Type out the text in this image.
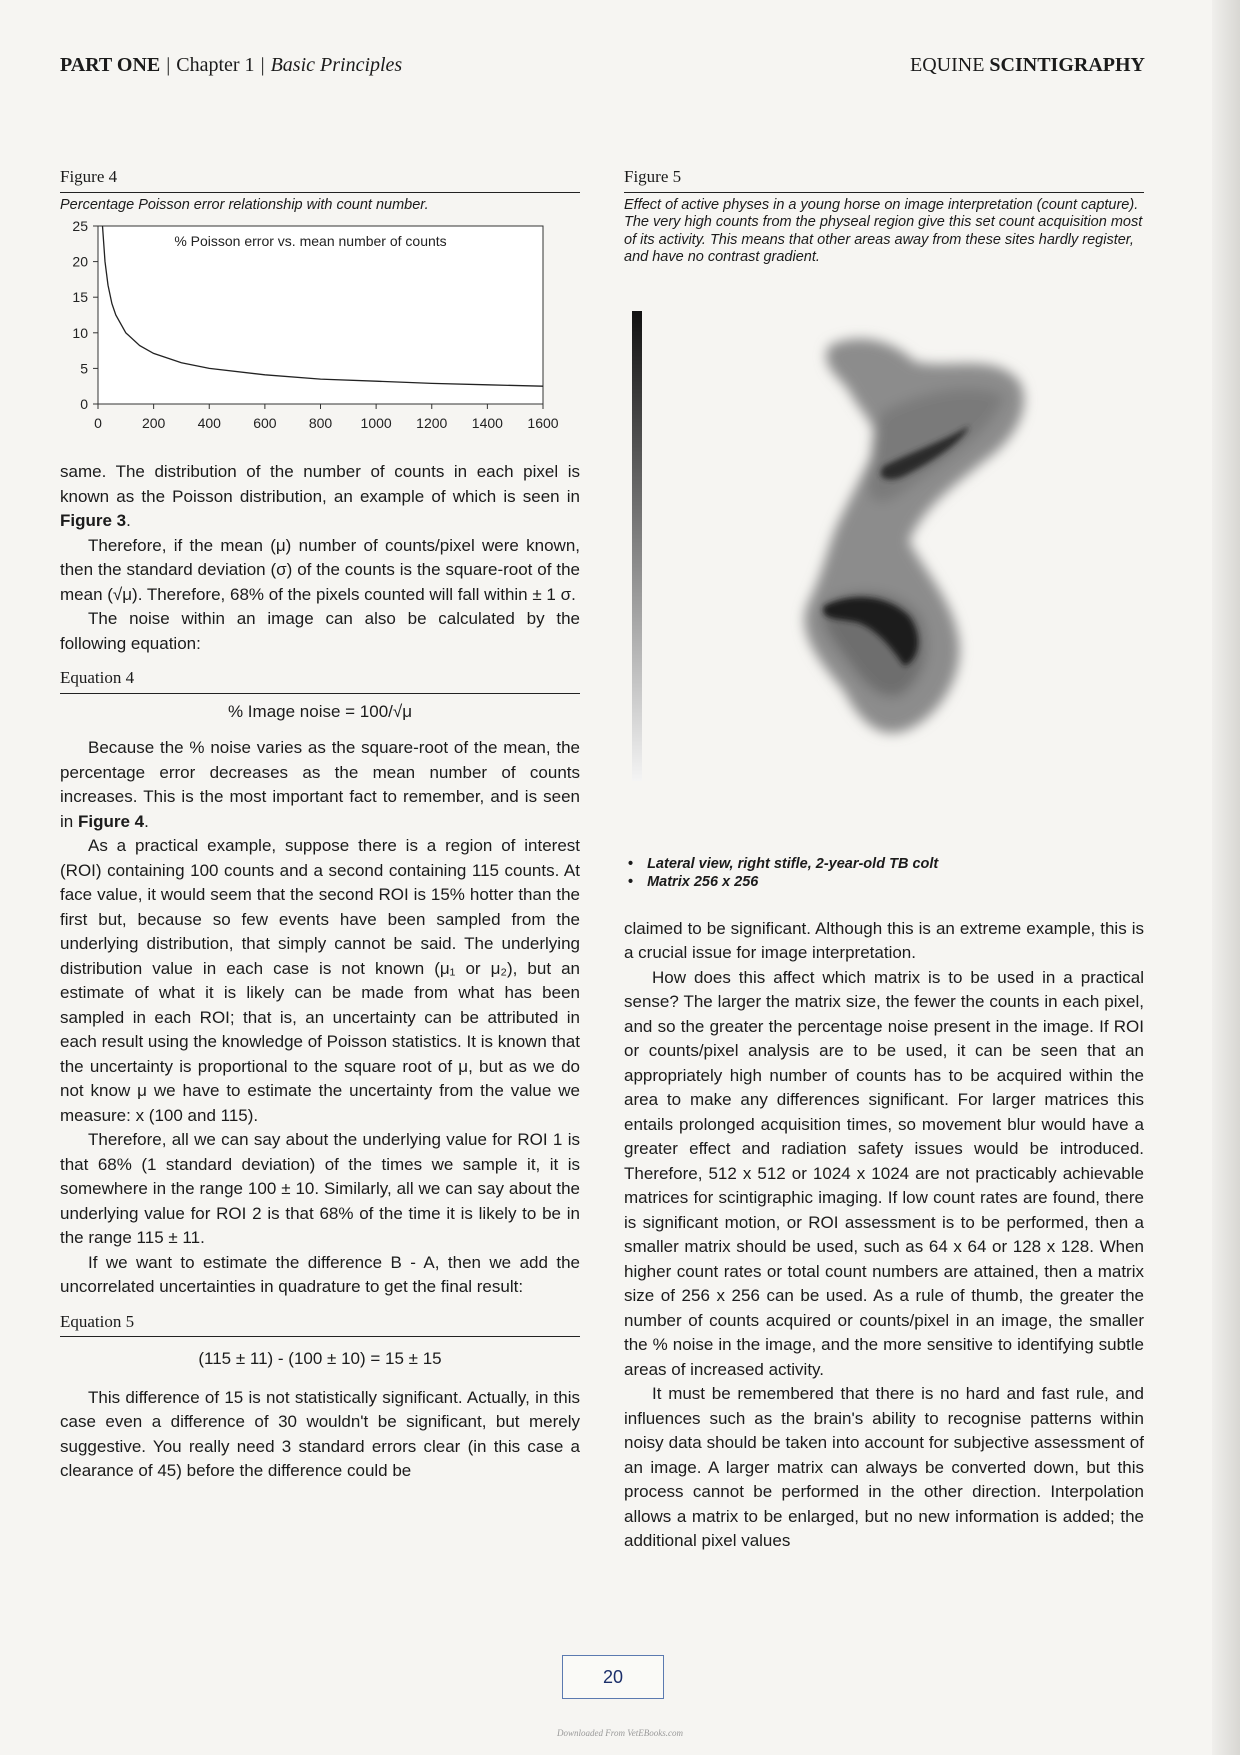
PART ONE | Chapter 1 | Basic Principles	EQUINE SCINTIGRAPHY
Figure 4
Percentage Poisson error relationship with count number.
% Poisson error vs. mean number of counts
0	200 400 600 800 1000 1200 1400 1600
0
5
10
15
20
25

same. The distribution of the number of counts in each pixel is known as the Poisson distribution, an example of which is seen in Figure 3.

Therefore, if the mean (μ) number of counts/pixel were known, then the standard deviation (σ) of the counts is the square-root of the mean (√μ). Therefore, 68% of the pixels counted will fall within ± 1 σ.

The noise within an image can also be calculated by the following equation:

Equation 4
% Image noise = 100/√μ

Because the % noise varies as the square-root of the mean, the percentage error decreases as the mean number of counts increases. This is the most important fact to remember, and is seen in Figure 4.

As a practical example, suppose there is a region of interest (ROI) containing 100 counts and a second containing 115 counts. At face value, it would seem that the second ROI is 15% hotter than the first but, because so few events have been sampled from the underlying distribution, that simply cannot be said. The underlying distribution value in each case is not known (μ₁ or μ₂), but an estimate of what it is likely can be made from what has been sampled in each ROI; that is, an uncertainty can be attributed in each result using the knowledge of Poisson statistics. It is known that the uncertainty is proportional to the square root of μ, but as we do not know μ we have to estimate the uncertainty from the value we measure: x (100 and 115).

Therefore, all we can say about the underlying value for ROI 1 is that 68% (1 standard deviation) of the times we sample it, it is somewhere in the range 100 ± 10. Similarly, all we can say about the underlying value for ROI 2 is that 68% of the time it is likely to be in the range 115 ± 11.

If we want to estimate the difference B - A, then we add the uncorrelated uncertainties in quadrature to get the final result:

Equation 5
(115 ± 11) - (100 ± 10) = 15 ± 15

This difference of 15 is not statistically significant. Actually, in this case even a difference of 30 wouldn't be significant, but merely suggestive. You really need 3 standard errors clear (in this case a clearance of 45) before the difference could be

Figure 5
Effect of active physes in a young horse on image interpretation (count capture). The very high counts from the physeal region give this set count acquisition most of its activity. This means that other areas away from these sites hardly register, and have no contrast gradient.
• Lateral view, right stifle, 2-year-old TB colt
• Matrix 256 x 256

claimed to be significant. Although this is an extreme example, this is a crucial issue for image interpretation.

How does this affect which matrix is to be used in a practical sense? The larger the matrix size, the fewer the counts in each pixel, and so the greater the percentage noise present in the image. If ROI or counts/pixel analysis are to be used, it can be seen that an appropriately high number of counts has to be acquired within the area to make any differences significant. For larger matrices this entails prolonged acquisition times, so movement blur would have a greater effect and radiation safety issues would be introduced. Therefore, 512 x 512 or 1024 x 1024 are not practicably achievable matrices for scintigraphic imaging. If low count rates are found, there is significant motion, or ROI assessment is to be performed, then a smaller matrix should be used, such as 64 x 64 or 128 x 128. When higher count rates or total count numbers are attained, then a matrix size of 256 x 256 can be used. As a rule of thumb, the greater the number of counts acquired or counts/pixel in an image, the smaller the % noise in the image, and the more sensitive to identifying subtle areas of increased activity.

It must be remembered that there is no hard and fast rule, and influences such as the brain's ability to recognise patterns within noisy data should be taken into account for subjective assessment of an image. A larger matrix can always be converted down, but this process cannot be performed in the other direction. Interpolation allows a matrix to be enlarged, but no new information is added; the additional pixel values

20
Downloaded From VetEBooks.com
